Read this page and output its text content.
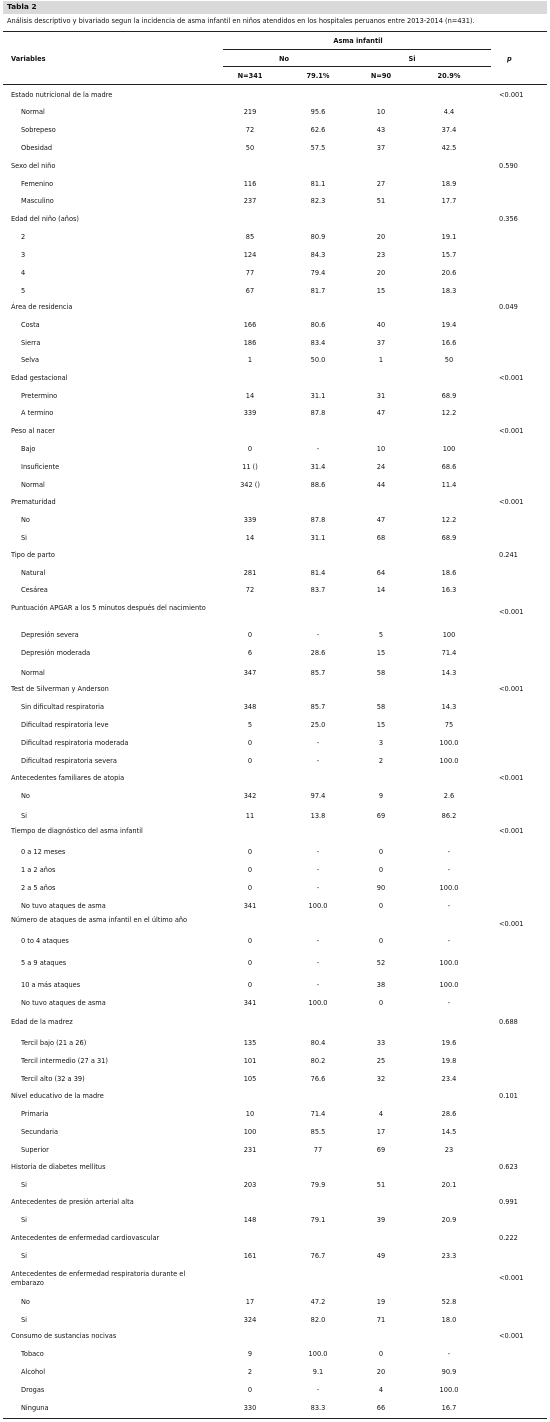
Tabla 2
Análisis descriptivo y bivariado segun la incidencia de asma infantil en niños atendidos en los hospitales peruanos entre 2013-2014 (n=431).
Variables
Asma infantil
No	Si	p
N=341	79.1%	N=90	20.9%
Estado nutricional de la madre	<0.001
Normal	219	95.6	10	4.4
Sobrepeso	72	62.6	43	37.4
Obesidad	50	57.5	37	42.5
Sexo del niño	0.590
Femenino	116	81.1	27	18.9
Masculino	237	82.3	51	17.7
Edad del niño (años)	0.356
2	85	80.9	20	19.1
3	124	84.3	23	15.7
4	77	79.4	20	20.6
5	67	81.7	15	18.3
Área de residencia	0.049
Costa	166	80.6	40	19.4
Sierra	186	83.4	37	16.6
Selva	1	50.0	1	50
Edad gestacional	<0.001
Pretermino	14	31.1	31	68.9
A termino	339	87.8	47	12.2
Peso al nacer	<0.001
Bajo	0	-	10	100
Insuficiente	11 ()	31.4	24	68.6
Normal	342 ()	88.6	44	11.4
Prematuridad	<0.001
No	339	87.8	47	12.2
Si	14	31.1	68	68.9
Tipo de parto	0.241
Natural	281	81.4	64	18.6
Cesárea	72	83.7	14	16.3
Puntuación APGAR a los 5 minutos después del nacimiento	<0.001
Depresión severa	0	-	5	100
Depresión moderada	6	28.6	15	71.4
Normal	347	85.7	58	14.3
Test de Silverman y Anderson	<0.001
Sin dificultad respiratoria	348	85.7	58	14.3
Dificultad respiratoria leve	5	25.0	15	75
Dificultad respiratoria moderada	0	-	3	100.0
Dificultad respiratoria severa	0	-	2	100.0
Antecedentes familiares de atopia	<0.001
No	342	97.4	9	2.6
Si	11	13.8	69	86.2
Tiempo de diagnóstico del asma infantil	<0.001
0 a 12 meses	0	-	0	-
1 a 2 años	0	-	0	-
2 a 5 años	0	-	90	100.0
No tuvo ataques de asma	341	100.0	0	-
Número de ataques de asma infantil en el último año	<0.001
0 to 4 ataques	0	-	0	-
5 a 9 ataques	0	-	52	100.0
10 a más ataques	0	-	38	100.0
No tuvo ataques de asma	341	100.0	0	-
Edad de la madrez	0.688
Tercil bajo (21 a 26)	135	80.4	33	19.6
Tercil intermedio (27 a 31)	101	80.2	25	19.8
Tercil alto (32 a 39)	105	76.6	32	23.4
Nivel educativo de la madre	0.101
Primaria	10	71.4	4	28.6
Secundaria	100	85.5	17	14.5
Superior	231	77	69	23
Historia de diabetes mellitus	0.623
Si	203	79.9	51	20.1
Antecedentes de presión arterial alta	0.991
Si	148	79.1	39	20.9
Antecedentes de enfermedad cardiovascular	0.222
Si	161	76.7	49	23.3
Antecedentes de enfermedad respiratoria durante el embarazo
<0.001
No	17	47.2	19	52.8
Si	324	82.0	71	18.0
Consumo de sustancias nocivas	<0.001
Tobaco	9	100.0	0	-
Alcohol	2	9.1	20	90.9
Drogas	0	-	4	100.0
Ninguna	330	83.3	66	16.7
